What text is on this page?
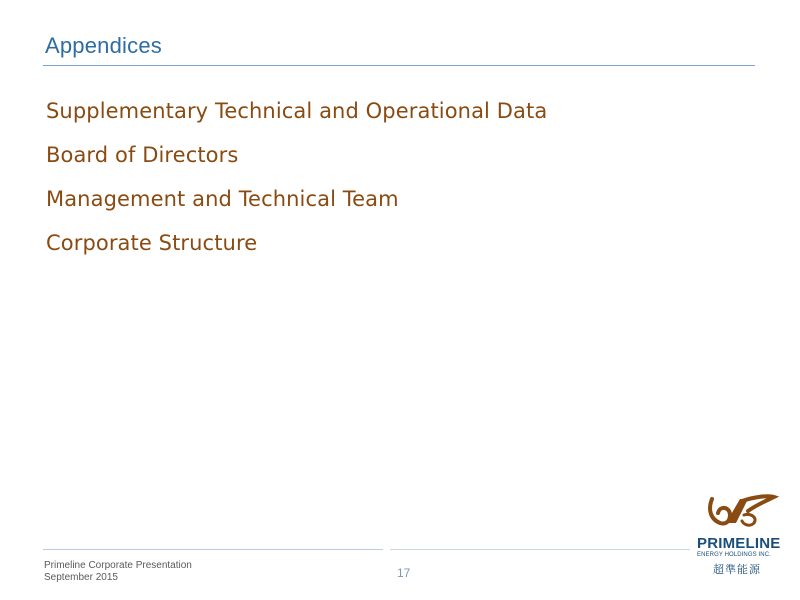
Appendices
Supplementary Technical and Operational Data
Board of Directors
Management and Technical Team
Corporate Structure
Primeline Corporate Presentation
September 2015	17
PRIMELINE
ENERGY HOLDINGS INC.
超準能源
